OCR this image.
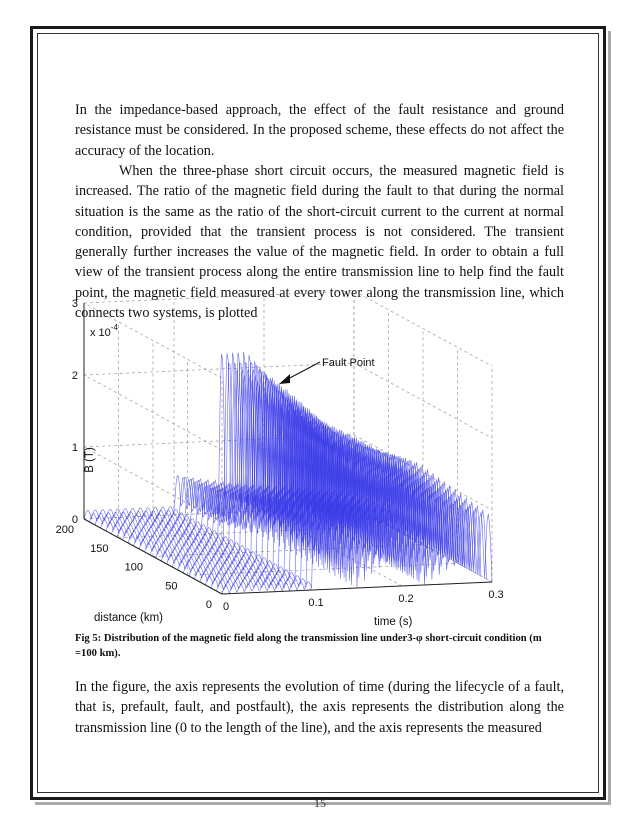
In the impedance-based approach, the effect of the fault resistance and ground resistance must be considered. In the proposed scheme, these effects do not affect the accuracy of the location.

When the three-phase short circuit occurs, the measured magnetic field is increased. The ratio of the magnetic field during the fault to that during the normal situation is the same as the ratio of the short-circuit current to the current at normal condition, provided that the transient process is not considered. The transient generally further increases the value of the magnetic field. In order to obtain a full view of the transient process along the entire transmission line to help find the fault point, the magnetic field measured at every tower along the transmission line, which connects two systems, is plotted

0	0.1	0.2	0.3
0
50
100
150
200
0
1
2
3
x $10^{-4}$
B (T)
distance (km)	time (s)
Fault Point

Fig 5: Distribution of the magnetic field along the transmission line under3-φ short-circuit condition (m =100 km).

In the figure, the axis represents the evolution of time (during the lifecycle of a fault, that is, prefault, fault, and postfault), the axis represents the distribution along the transmission line (0 to the length of the line), and the axis represents the measured

15
